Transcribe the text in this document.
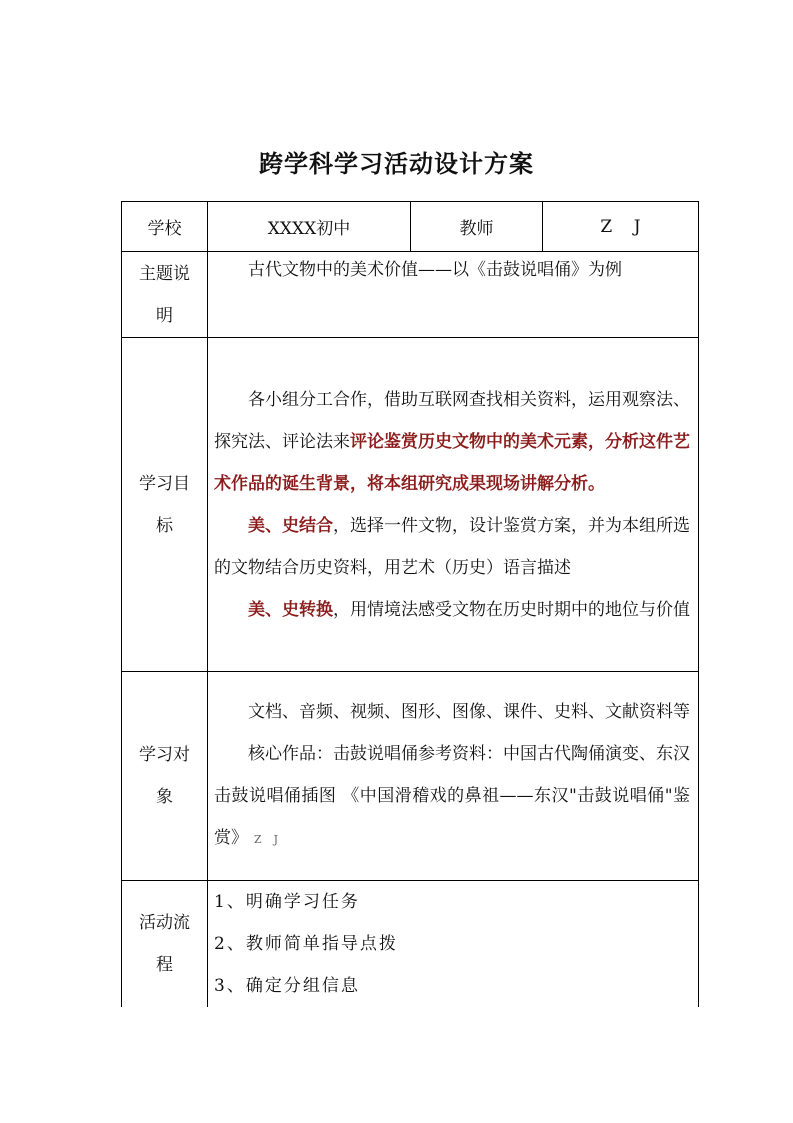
跨学科学习活动设计方案
学校	XXXX初中	教师	Z    J
主题说明	古代文物中的美术价值——以《击鼓说唱俑》为例		

学习目标	各小组分工合作，借助互联网查找相关资料，运用观察法、探究法、评论法来评论鉴赏历史文物中的美术元素，分析这件艺术作品的诞生背景，将本组研究成果现场讲解分析。
美、史结合，选择一件文物，设计鉴赏方案，并为本组所选的文物结合历史资料，用艺术（历史）语言描述
美、史转换，用情境法感受文物在历史时期中的地位与价值		

学习对象	文档、音频、视频、图形、图像、课件、史料、文献资料等
核心作品：击鼓说唱俑参考资料：中国古代陶俑演变、东汉击鼓说唱俑插图 《中国滑稽戏的鼻祖——东汉"击鼓说唱俑"鉴赏》 ZJ		

活动流程	1、明确学习任务
2、教师简单指导点拨
3、确定分组信息		
